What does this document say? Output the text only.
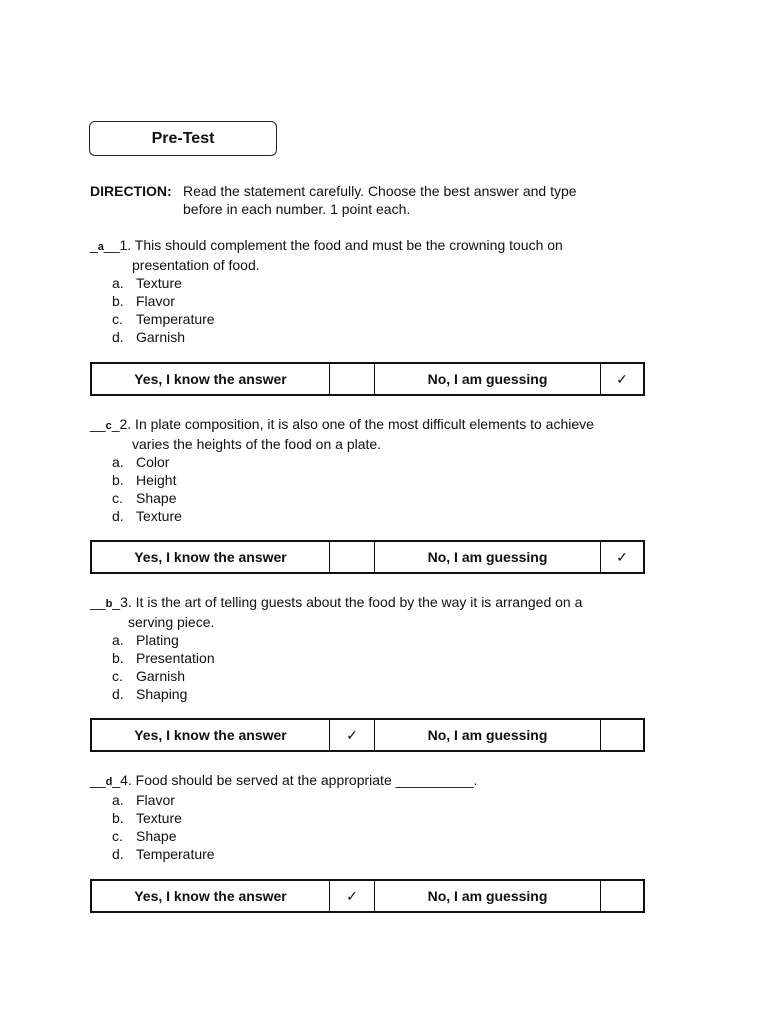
Pre-Test
DIRECTION: Read the statement carefully. Choose the best answer and type
before in each number. 1 point each.
_a__1. This should complement the food and must be the crowning touch on
presentation of food.
a. Texture
b. Flavor
c. Temperature
d. Garnish
Yes, I know the answer	No, I am guessing	✓
__c_2. In plate composition, it is also one of the most difficult elements to achieve
varies the heights of the food on a plate.
a. Color
b. Height
c. Shape
d. Texture
Yes, I know the answer	No, I am guessing	✓
__b_3. It is the art of telling guests about the food by the way it is arranged on a
serving piece.
a. Plating
b. Presentation
c. Garnish
d. Shaping
Yes, I know the answer	✓	No, I am guessing
__d_4. Food should be served at the appropriate __________.
a. Flavor
b. Texture
c. Shape
d. Temperature
Yes, I know the answer	✓	No, I am guessing
